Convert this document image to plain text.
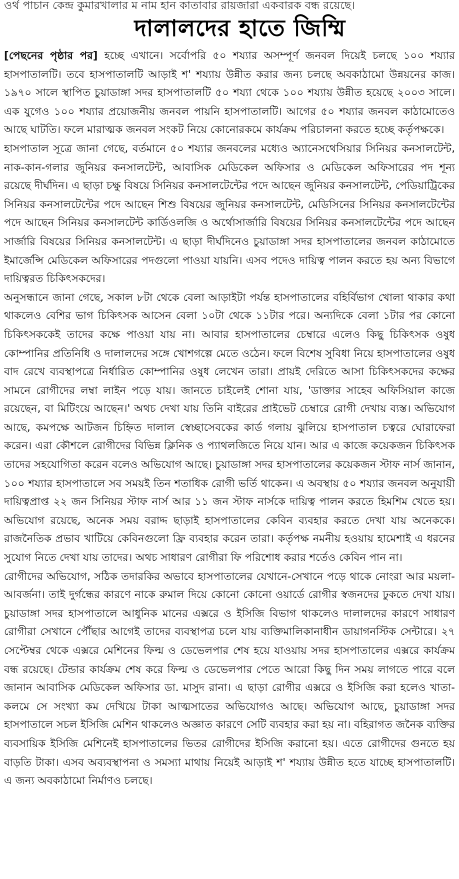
ওর্থ পাচান কেন্দ্র কুমারখালার ম নাম হান কাতাবার রায়জারা একবারক বন্ধ রয়েছে।
দালালদের হাতে জিম্মি

[পেছনের পৃষ্ঠার পর] হচ্ছে এখানে। সর্বোপরি ৫০ শয্যার অসম্পূর্ণ জনবল দিয়েই চলছে ১০০ শয্যার হাসপাতালটি। তবে হাসপাতালটি আড়াই শ' শয্যায় উন্নীত করার জন্য চলছে অবকাঠামো উন্নয়নের কাজ। ১৯৭০ সালে স্থাপিত চুয়াডাঙ্গা সদর হাসপাতালটি ৫০ শয্যা থেকে ১০০ শয্যায় উন্নীত হয়েছে ২০০৩ সালে। এক যুগেও ১০০ শয্যার প্রয়োজনীয় জনবল পায়নি হাসপাতালটি। আগের ৫০ শয্যার জনবল কাঠামোতেও আছে ঘাটতি। ফলে মারাত্মক জনবল সংকট নিয়ে কোনোরকমে কার্যক্রম পরিচালনা করতে হচ্ছে কর্তৃপক্ষকে।

হাসপাতাল সূত্রে জানা গেছে, বর্তমানে ৫০ শয্যার জনবলের মধ্যেও অ্যানেসথেসিয়ার সিনিয়র কনসালটেন্ট, নাক-কান-গলার জুনিয়র কনসালটেন্ট, আবাসিক মেডিকেল অফিসার ও মেডিকেল অফিসারের পদ শূন্য রয়েছে দীর্ঘদিন। এ ছাড়া চক্ষু বিষয়ে সিনিয়র কনসালটেন্টের পদে আছেন জুনিয়র কনসালটেন্ট, পেডিয়াট্রিকের সিনিয়র কনসালটেন্টের পদে আছেন শিশু বিষয়ের জুনিয়র কনসালটেন্ট, মেডিসিনের সিনিয়র কনসালটেন্টের পদে আছেন সিনিয়র কনসালটেন্ট কার্ডিওলজি ও অর্থোসার্জারি বিষয়ের সিনিয়র কনসালটেন্টের পদে আছেন সার্জারি বিষয়ের সিনিয়র কনসালটেন্ট। এ ছাড়া দীর্ঘদিনেও চুয়াডাঙ্গা সদর হাসপাতালের জনবল কাঠামোতে ইমার্জেন্সি মেডিকেল অফিসারের পদগুলো পাওয়া যায়নি। এসব পদেও দায়িত্ব পালন করতে হয় অন্য বিভাগে দায়িত্বরত চিকিৎসকদের।

অনুসন্ধানে জানা গেছে, সকাল ৮টা থেকে বেলা আড়াইটা পর্যন্ত হাসপাতালের বহির্বিভাগ খোলা থাকার কথা থাকলেও বেশির ভাগ চিকিৎসক আসেন বেলা ১০টা থেকে ১১টার পরে। অন্যদিকে বেলা ১টার পর কোনো চিকিৎসককেই তাদের কক্ষে পাওয়া যায় না। আবার হাসপাতালের চেম্বারে এলেও কিছু চিকিৎসক ওষুধ কোম্পানির প্রতিনিধি ও দালালদের সঙ্গে খোশগল্পে মেতে ওঠেন। ফলে বিশেষ সুবিধা নিয়ে হাসপাতালের ওষুধ বাদ রেখে ব্যবস্থাপত্রে নির্ধারিত কোম্পানির ওষুধ লেখেন তারা। প্রায়ই দেরিতে আসা চিকিৎসকদের কক্ষের সামনে রোগীদের লম্বা লাইন পড়ে যায়। জানতে চাইলেই শোনা যায়, 'ডাক্তার সাহেব অফিসিয়াল কাজে রয়েছেন, বা মিটিংয়ে আছেন।' অথচ দেখা যায় তিনি বাইরের প্রাইভেট চেম্বারে রোগী দেখায় ব্যস্ত। অভিযোগ আছে, কমপক্ষে আটজন চিহ্নিত দালাল স্বেচ্ছাসেবকের কার্ড গলায় ঝুলিয়ে হাসপাতাল চত্বরে ঘোরাফেরা করেন। এরা কৌশলে রোগীদের বিভিন্ন ক্লিনিক ও প্যাথলজিতে নিয়ে যান। আর এ কাজে কয়েকজন চিকিৎসক তাদের সহযোগিতা করেন বলেও অভিযোগ আছে। চুয়াডাঙ্গা সদর হাসপাতালের কয়েকজন স্টাফ নার্স জানান, ১০০ শয্যার হাসপাতালে সব সময়ই তিন শতাধিক রোগী ভর্তি থাকেন। এ অবস্থায় ৫০ শয্যার জনবল অনুযায়ী দায়িত্বপ্রাপ্ত ২২ জন সিনিয়র স্টাফ নার্স আর ১১ জন স্টাফ নার্সকে দায়িত্ব পালন করতে হিমশিম খেতে হয়। অভিযোগ রয়েছে, অনেক সময় বরাদ্দ ছাড়াই হাসপাতালের কেবিন ব্যবহার করতে দেখা যায় অনেককে। রাজনৈতিক প্রভাব খাটিয়ে কেবিনগুলো ফ্রি ব্যবহার করেন তারা। কর্তৃপক্ষ নমনীয় হওয়ায় হামেশাই এ ধরনের সুযোগ নিতে দেখা যায় তাদের। অথচ সাধারণ রোগীরা ফি পরিশোধ করার শর্তেও কেবিন পান না।

রোগীদের অভিযোগ, সঠিক তদারকির অভাবে হাসপাতালের যেখানে-সেখানে পড়ে থাকে নোংরা আর ময়লা-আবর্জনা। তাই দুর্গন্ধের কারণে নাকে রুমাল দিয়ে কোনো কোনো ওয়ার্ডে রোগীর স্বজনদের ঢুকতে দেখা যায়। চুয়াডাঙ্গা সদর হাসপাতালে আধুনিক মানের এক্সরে ও ইসিজি বিভাগ থাকলেও দালালদের কারণে সাধারণ রোগীরা সেখানে পৌঁছার আগেই তাদের ব্যবস্থাপত্র চলে যায় ব্যক্তিমালিকানাধীন ডায়াগনস্টিক সেন্টারে। ২৭ সেপ্টেম্বর থেকে এক্সরে মেশিনের ফিল্ম ও ডেভেলপার শেষ হয়ে যাওয়ায় সদর হাসপাতালের এক্সরে কার্যক্রম বন্ধ রয়েছে। টেন্ডার কার্যক্রম শেষ করে ফিল্ম ও ডেভেলপার পেতে আরো কিছু দিন সময় লাগতে পারে বলে জানান আবাসিক মেডিকেল অফিসার ডা. মাসুদ রানা। এ ছাড়া রোগীর এক্সরে ও ইসিজি করা হলেও খাতা-কলমে সে সংখ্যা কম দেখিয়ে টাকা আত্মসাতের অভিযোগও আছে। অভিযোগ আছে, চুয়াডাঙ্গা সদর হাসপাতালে সচল ইসিজি মেশিন থাকলেও অজ্ঞাত কারণে সেটি ব্যবহার করা হয় না। বহিরাগত জনৈক ব্যক্তির ব্যবসায়িক ইসিজি মেশিনেই হাসপাতালের ভিতর রোগীদের ইসিজি করানো হয়। এতে রোগীদের গুনতে হয় বাড়তি টাকা। এসব অব্যবস্থাপনা ও সমস্যা মাথায় নিয়েই আড়াই শ' শয্যায় উন্নীত হতে যাচ্ছে হাসপাতালটি। এ জন্য অবকাঠামো নির্মাণও চলছে।
